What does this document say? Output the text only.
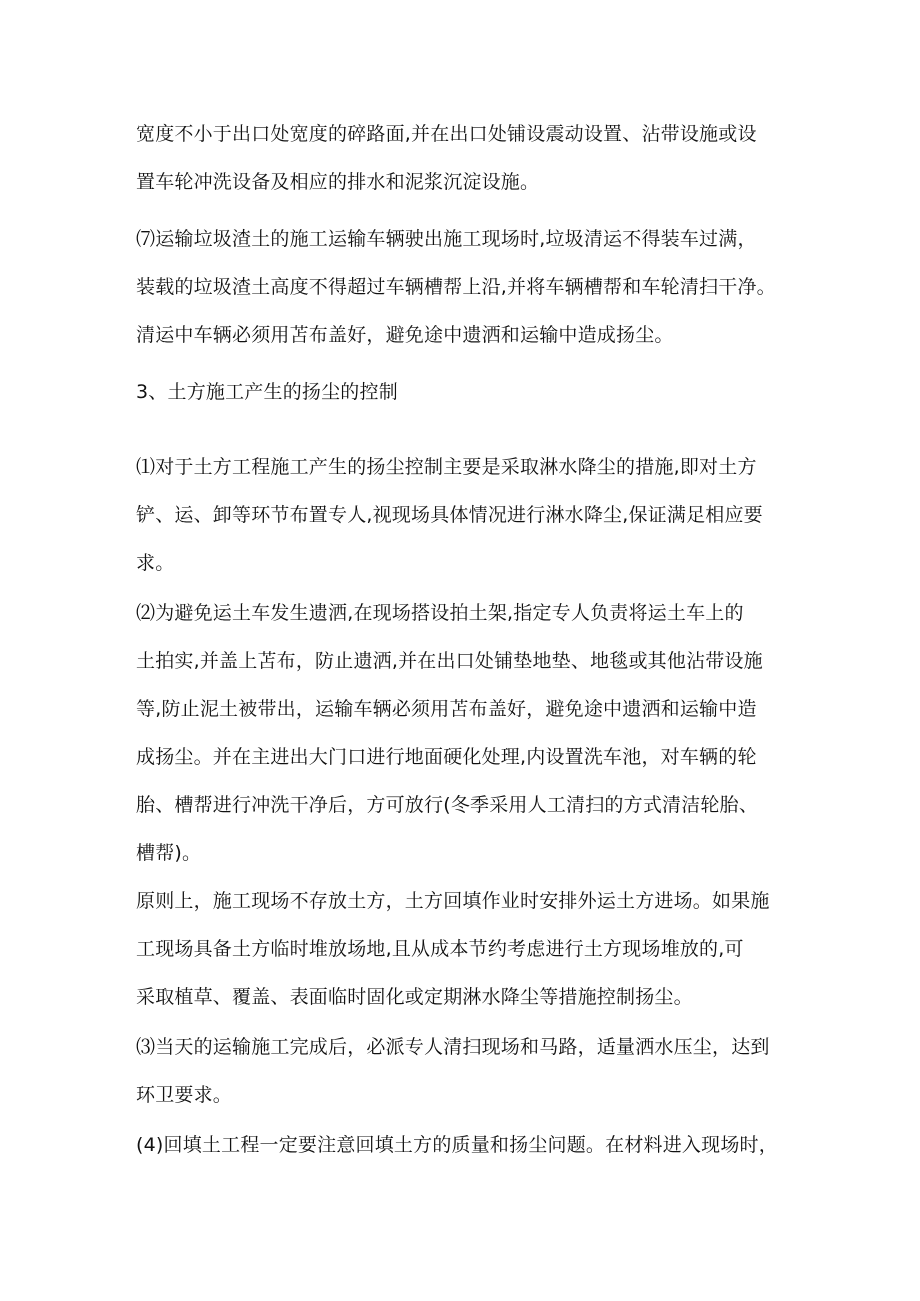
宽度不小于出口处宽度的碎路面,并在出口处铺设震动设置、沾带设施或设
置车轮冲洗设备及相应的排水和泥浆沉淀设施。
⑺运输垃圾渣土的施工运输车辆驶出施工现场时,垃圾清运不得装车过满，
装载的垃圾渣土高度不得超过车辆槽帮上沿,并将车辆槽帮和车轮清扫干净。
清运中车辆必须用苫布盖好，避免途中遗洒和运输中造成扬尘。
3、土方施工产生的扬尘的控制
⑴对于土方工程施工产生的扬尘控制主要是采取淋水降尘的措施,即对土方
铲、运、卸等环节布置专人,视现场具体情况进行淋水降尘,保证满足相应要
求。
⑵为避免运土车发生遗洒,在现场搭设拍土架,指定专人负责将运土车上的
土拍实,并盖上苫布，防止遗洒,并在出口处铺垫地垫、地毯或其他沾带设施
等,防止泥土被带出，运输车辆必须用苫布盖好，避免途中遗洒和运输中造
成扬尘。并在主进出大门口进行地面硬化处理,内设置洗车池，对车辆的轮
胎、槽帮进行冲洗干净后，方可放行(冬季采用人工清扫的方式清洁轮胎、
槽帮)。
原则上，施工现场不存放土方，土方回填作业时安排外运土方进场。如果施
工现场具备土方临时堆放场地,且从成本节约考虑进行土方现场堆放的,可
采取植草、覆盖、表面临时固化或定期淋水降尘等措施控制扬尘。
⑶当天的运输施工完成后，必派专人清扫现场和马路，适量洒水压尘，达到
环卫要求。
(4)回填土工程一定要注意回填土方的质量和扬尘问题。在材料进入现场时，
